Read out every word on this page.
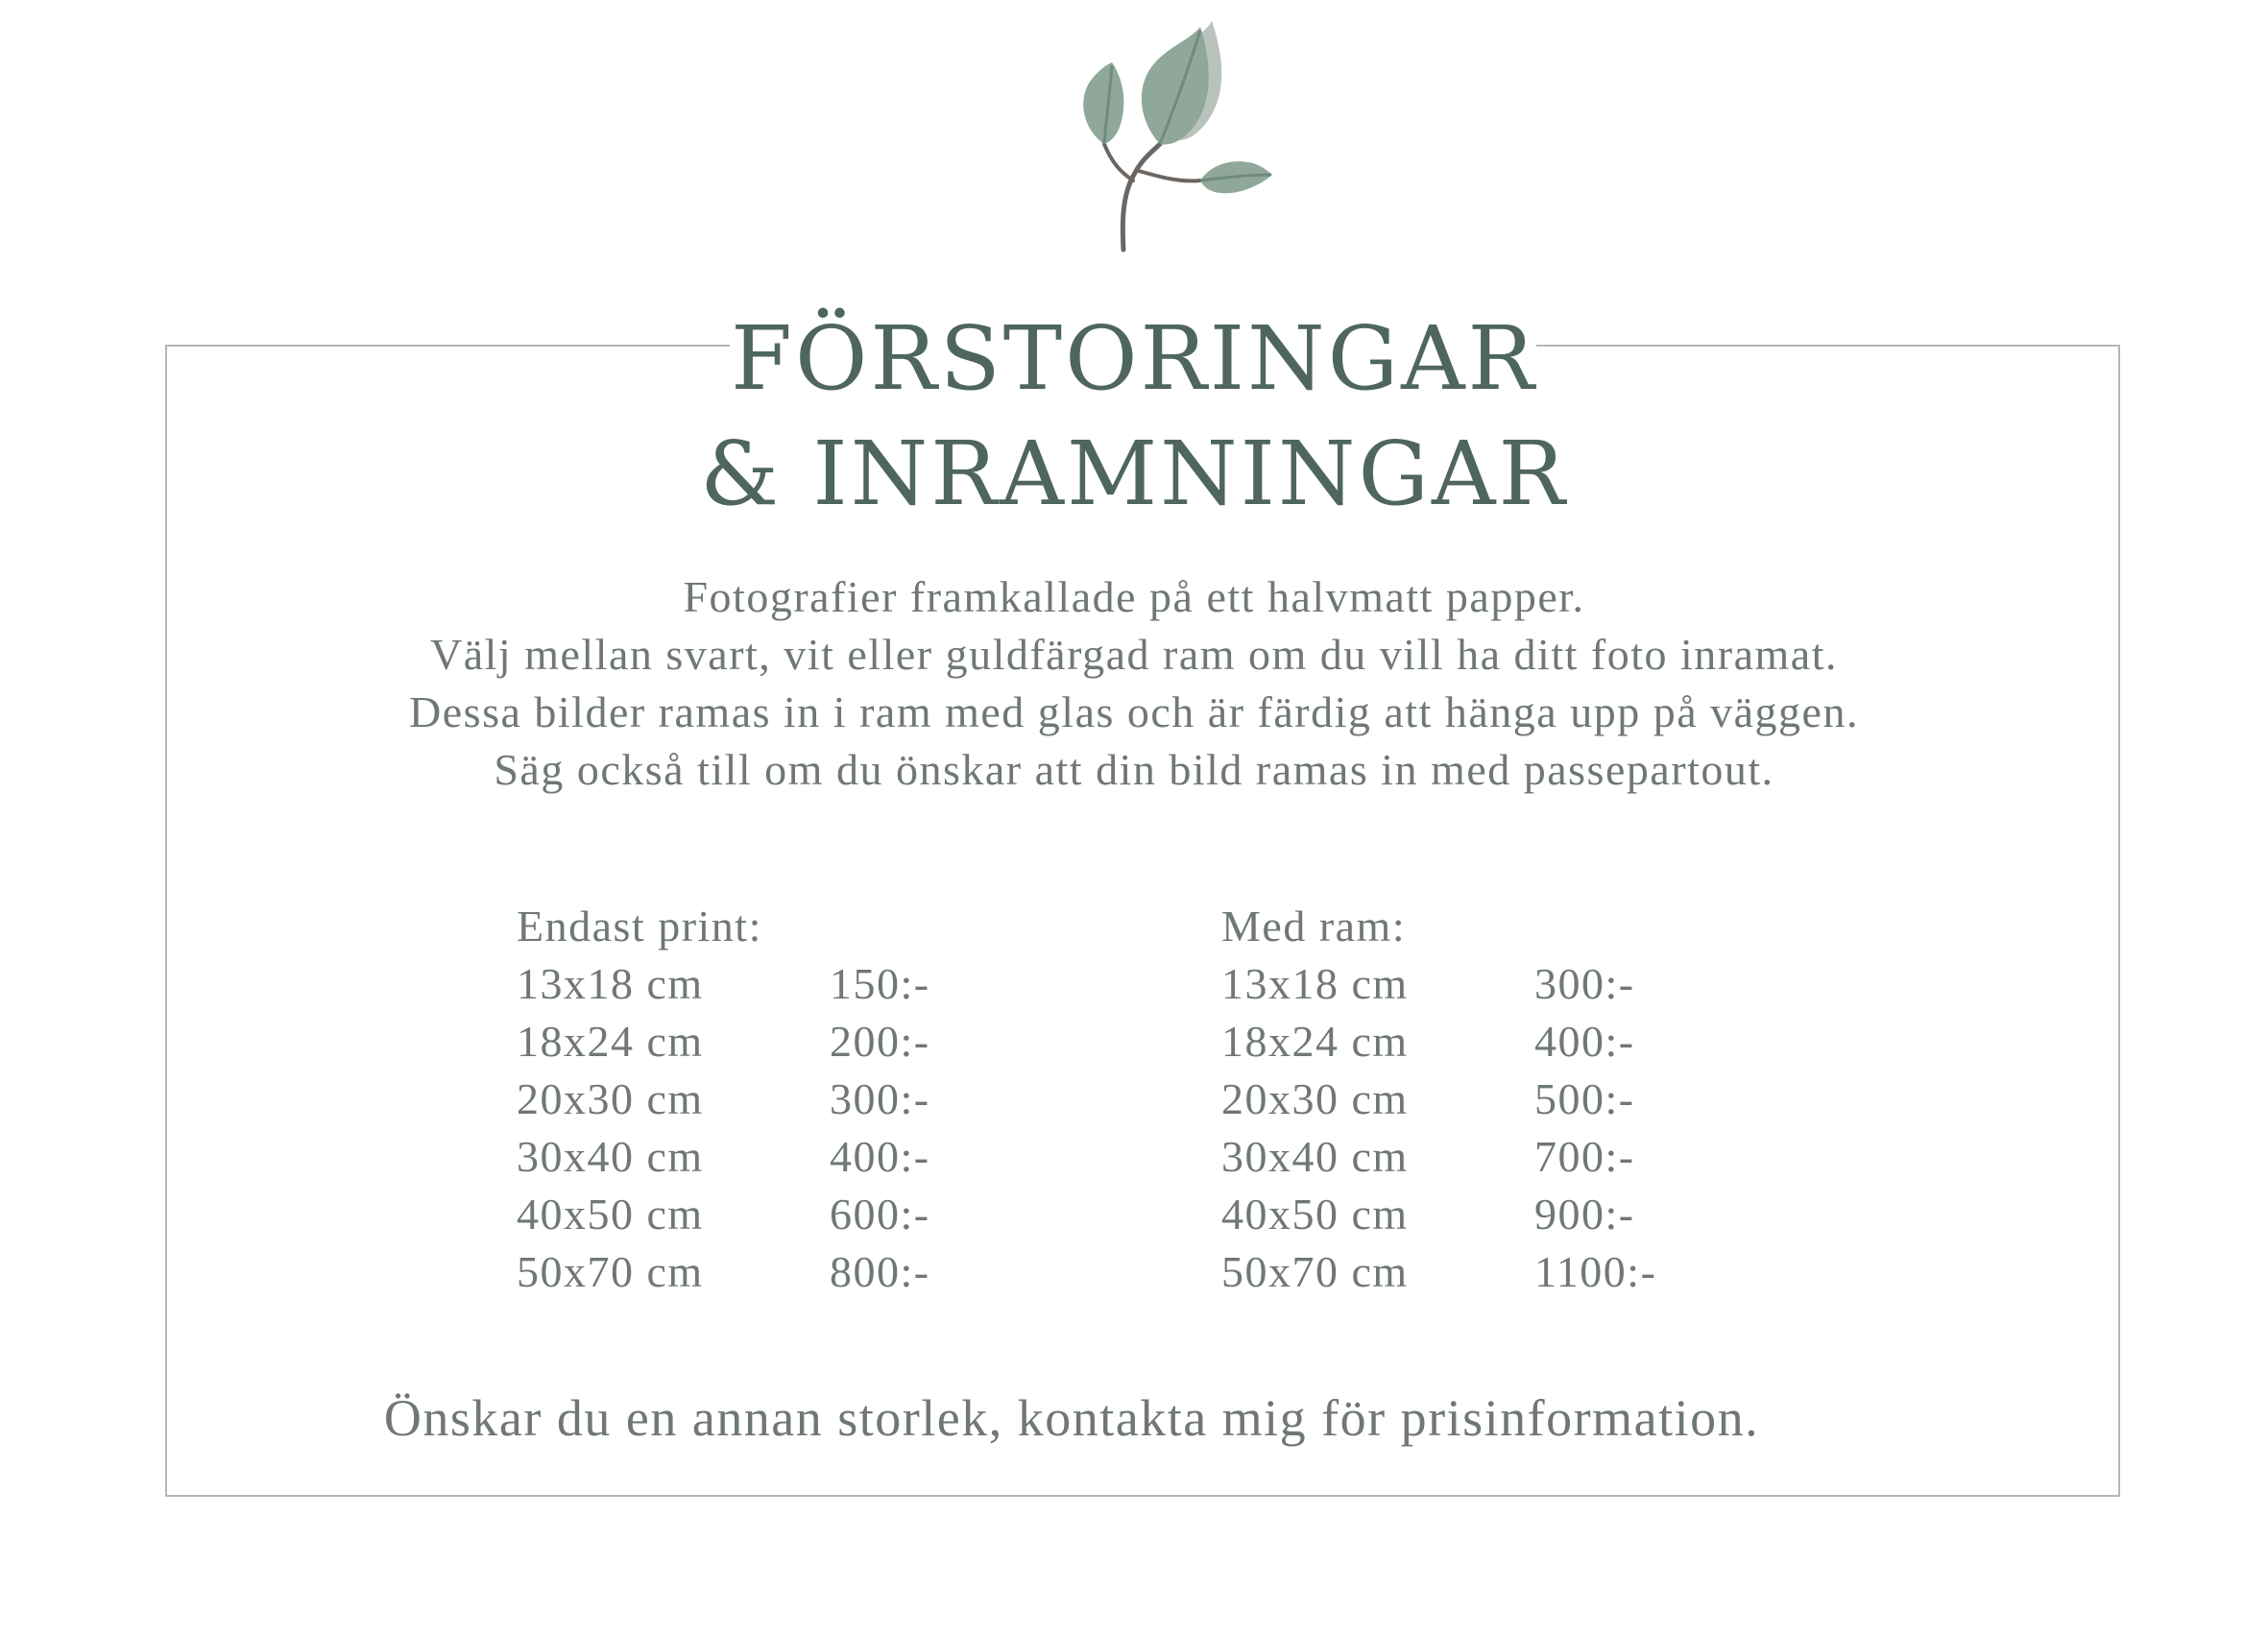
FÖRSTORINGAR
& INRAMNINGAR
Fotografier framkallade på ett halvmatt papper.
Välj mellan svart, vit eller guldfärgad ram om du vill ha ditt foto inramat.
Dessa bilder ramas in i ram med glas och är färdig att hänga upp på väggen.
Säg också till om du önskar att din bild ramas in med passepartout.
Endast print:
13x18 cm	150:-
18x24 cm	200:-
20x30 cm	300:-
30x40 cm	400:-
40x50 cm	600:-
50x70 cm	800:-
Med ram:
13x18 cm	300:-
18x24 cm	400:-
20x30 cm	500:-
30x40 cm	700:-
40x50 cm	900:-
50x70 cm	1100:-
Önskar du en annan storlek, kontakta mig för prisinformation.
